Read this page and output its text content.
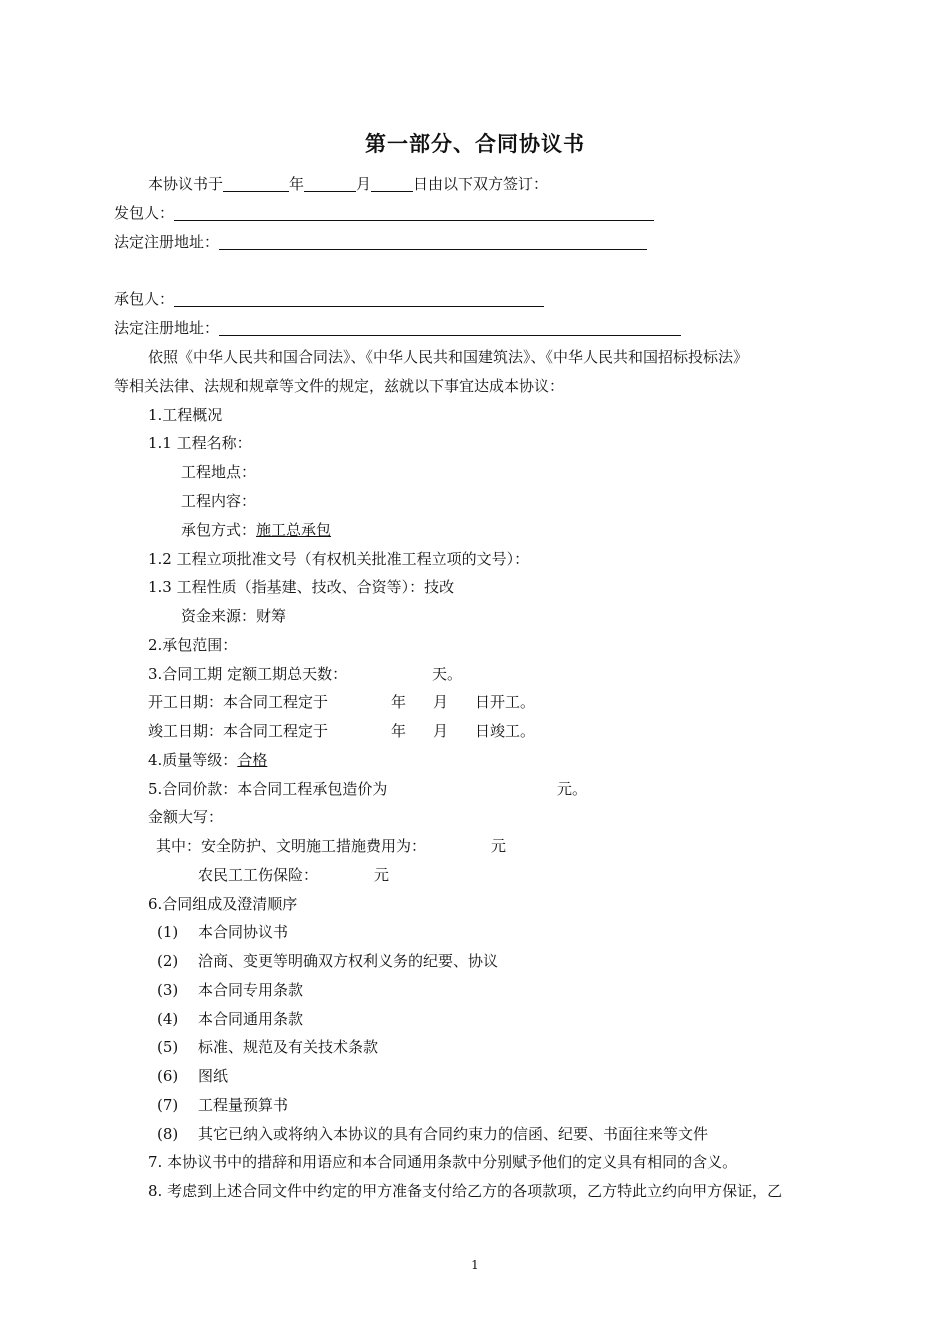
第一部分、合同协议书
本协议书于	年	月	日由以下双方签订：
发包人：
法定注册地址：
承包人：
法定注册地址：
依照《中华人民共和国合同法》、《中华人民共和国建筑法》、《中华人民共和国招标投标法》
等相关法律、法规和规章等文件的规定，兹就以下事宜达成本协议：
1.工程概况
1.1 工程名称：
工程地点：
工程内容：
承包方式：施工总承包
1.2 工程立项批准文号（有权机关批准工程立项的文号）：
1.3 工程性质（指基建、技改、合资等）：技改
资金来源：财筹
2.承包范围：
3.合同工期 定额工期总天数：	天。
开工日期：本合同工程定于	年 月 日开工。
竣工日期：本合同工程定于	年 月 日竣工。
4.质量等级：合格
5.合同价款：本合同工程承包造价为	元。
金额大写：
其中：安全防护、文明施工措施费用为：	元
农民工工伤保险：	元
6.合同组成及澄清顺序
(1) 本合同协议书
(2) 洽商、变更等明确双方权利义务的纪要、协议
(3) 本合同专用条款
(4) 本合同通用条款
(5) 标准、规范及有关技术条款
(6) 图纸
(7) 工程量预算书
(8) 其它已纳入或将纳入本协议的具有合同约束力的信函、纪要、书面往来等文件
7. 本协议书中的措辞和用语应和本合同通用条款中分别赋予他们的定义具有相同的含义。
8. 考虑到上述合同文件中约定的甲方准备支付给乙方的各项款项，乙方特此立约向甲方保证，乙
1
